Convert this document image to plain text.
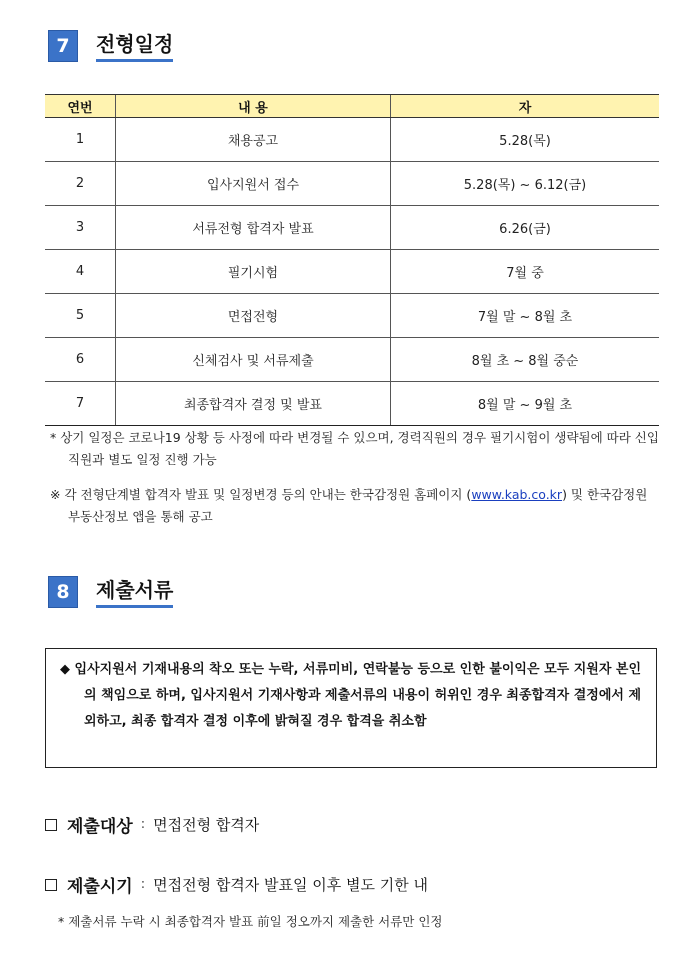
7	전형일정
연번	내 용	자
1	채용공고	5.28(목)
2	입사지원서 접수	5.28(목) ~ 6.12(금)
3	서류전형 합격자 발표	6.26(금)
4	필기시험	7월 중
5	면접전형	7월 말 ~ 8월 초
6	신체검사 및 서류제출	8월 초 ~ 8월 중순
7	최종합격자 결정 및 발표	8월 말 ~ 9월 초
* 상기 일정은 코로나19 상황 등 사정에 따라 변경될 수 있으며, 경력직원의 경우 필기시험이 생략됨에 따라 신입직원과 별도 일정 진행 가능
※ 각 전형단계별 합격자 발표 및 일정변경 등의 안내는 한국감정원 홈페이지 (www.kab.co.kr) 및 한국감정원 부동산정보 앱을 통해 공고
8	제출서류
◆ 입사지원서 기재내용의 착오 또는 누락, 서류미비, 연락불능 등으로 인한 불이익은 모두 지원자 본인의 책임으로 하며, 입사지원서 기재사항과 제출서류의 내용이 허위인 경우 최종합격자 결정에서 제외하고, 최종 합격자 결정 이후에 밝혀질 경우 합격을 취소함
제출대상 : 면접전형 합격자
제출시기 : 면접전형 합격자 발표일 이후 별도 기한 내
* 제출서류 누락 시 최종합격자 발표 前일 정오까지 제출한 서류만 인정
